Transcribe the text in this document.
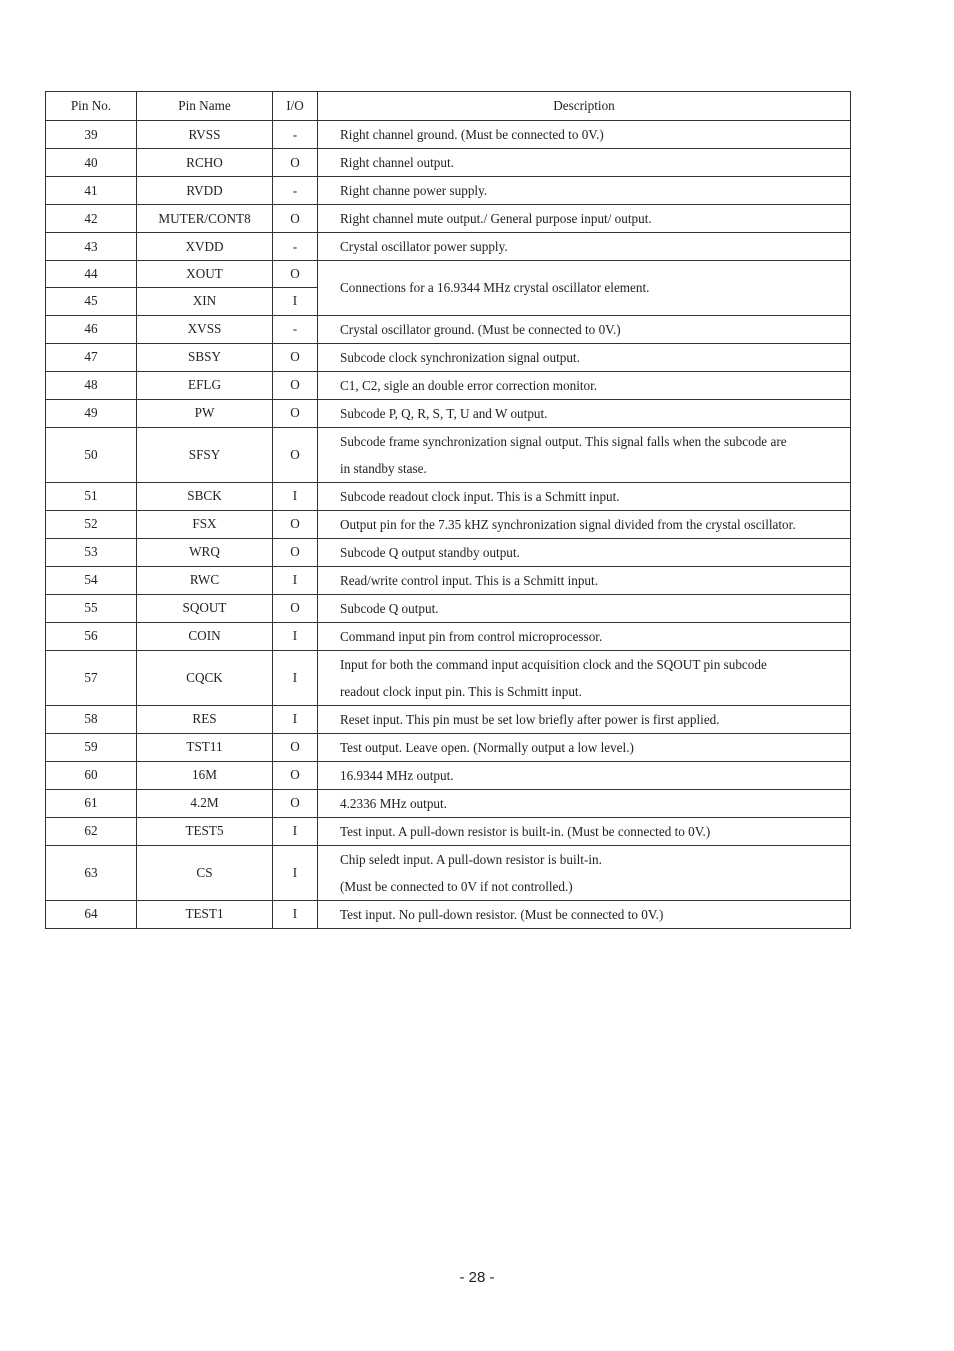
Pin No.	Pin Name	I/O	Description
39	RVSS	-	Right channel ground. (Must be connected to 0V.)

40	RCHO	O	Right channel output.

41	RVDD	-	Right channe power supply.

42	MUTER/CONT8	O	Right channel mute output./ General purpose input/ output.

43	XVDD	-	Crystal oscillator power supply.

44	XOUT	O	Connections for a 16.9344 MHz crystal oscillator element.

45	XIN	I	
46	XVSS	-	Crystal oscillator ground. (Must be connected to 0V.)

47	SBSY	O	Subcode clock synchronization signal output.

48	EFLG	O	C1, C2, sigle an double error correction monitor.

49	PW	O	Subcode P, Q, R, S, T, U and W output.

50	SFSY	O	Subcode frame synchronization signal output. This signal falls when the subcode are
in standby stase.

51	SBCK	I	Subcode readout clock input. This is a Schmitt input.

52	FSX	O	Output pin for the 7.35 kHZ synchronization signal divided from the crystal oscillator.

53	WRQ	O	Subcode Q output standby output.

54	RWC	I	Read/write control input. This is a Schmitt input.

55	SQOUT	O	Subcode Q output.

56	COIN	I	Command input pin from control microprocessor.

57	CQCK	I	Input for both the command input acquisition clock and the SQOUT pin subcode
readout clock input pin. This is Schmitt input.

58	RES	I	Reset input. This pin must be set low briefly after power is first applied.

59	TST11	O	Test output. Leave open. (Normally output a low level.)

60	16M	O	16.9344 MHz output.

61	4.2M	O	4.2336 MHz output.

62	TEST5	I	Test input. A pull-down resistor is built-in. (Must be connected to 0V.)

63	CS	I	Chip seledt input. A pull-down resistor is built-in.
(Must be connected to 0V if not controlled.)

64	TEST1	I	Test input. No pull-down resistor. (Must be connected to 0V.)
- 28 -
